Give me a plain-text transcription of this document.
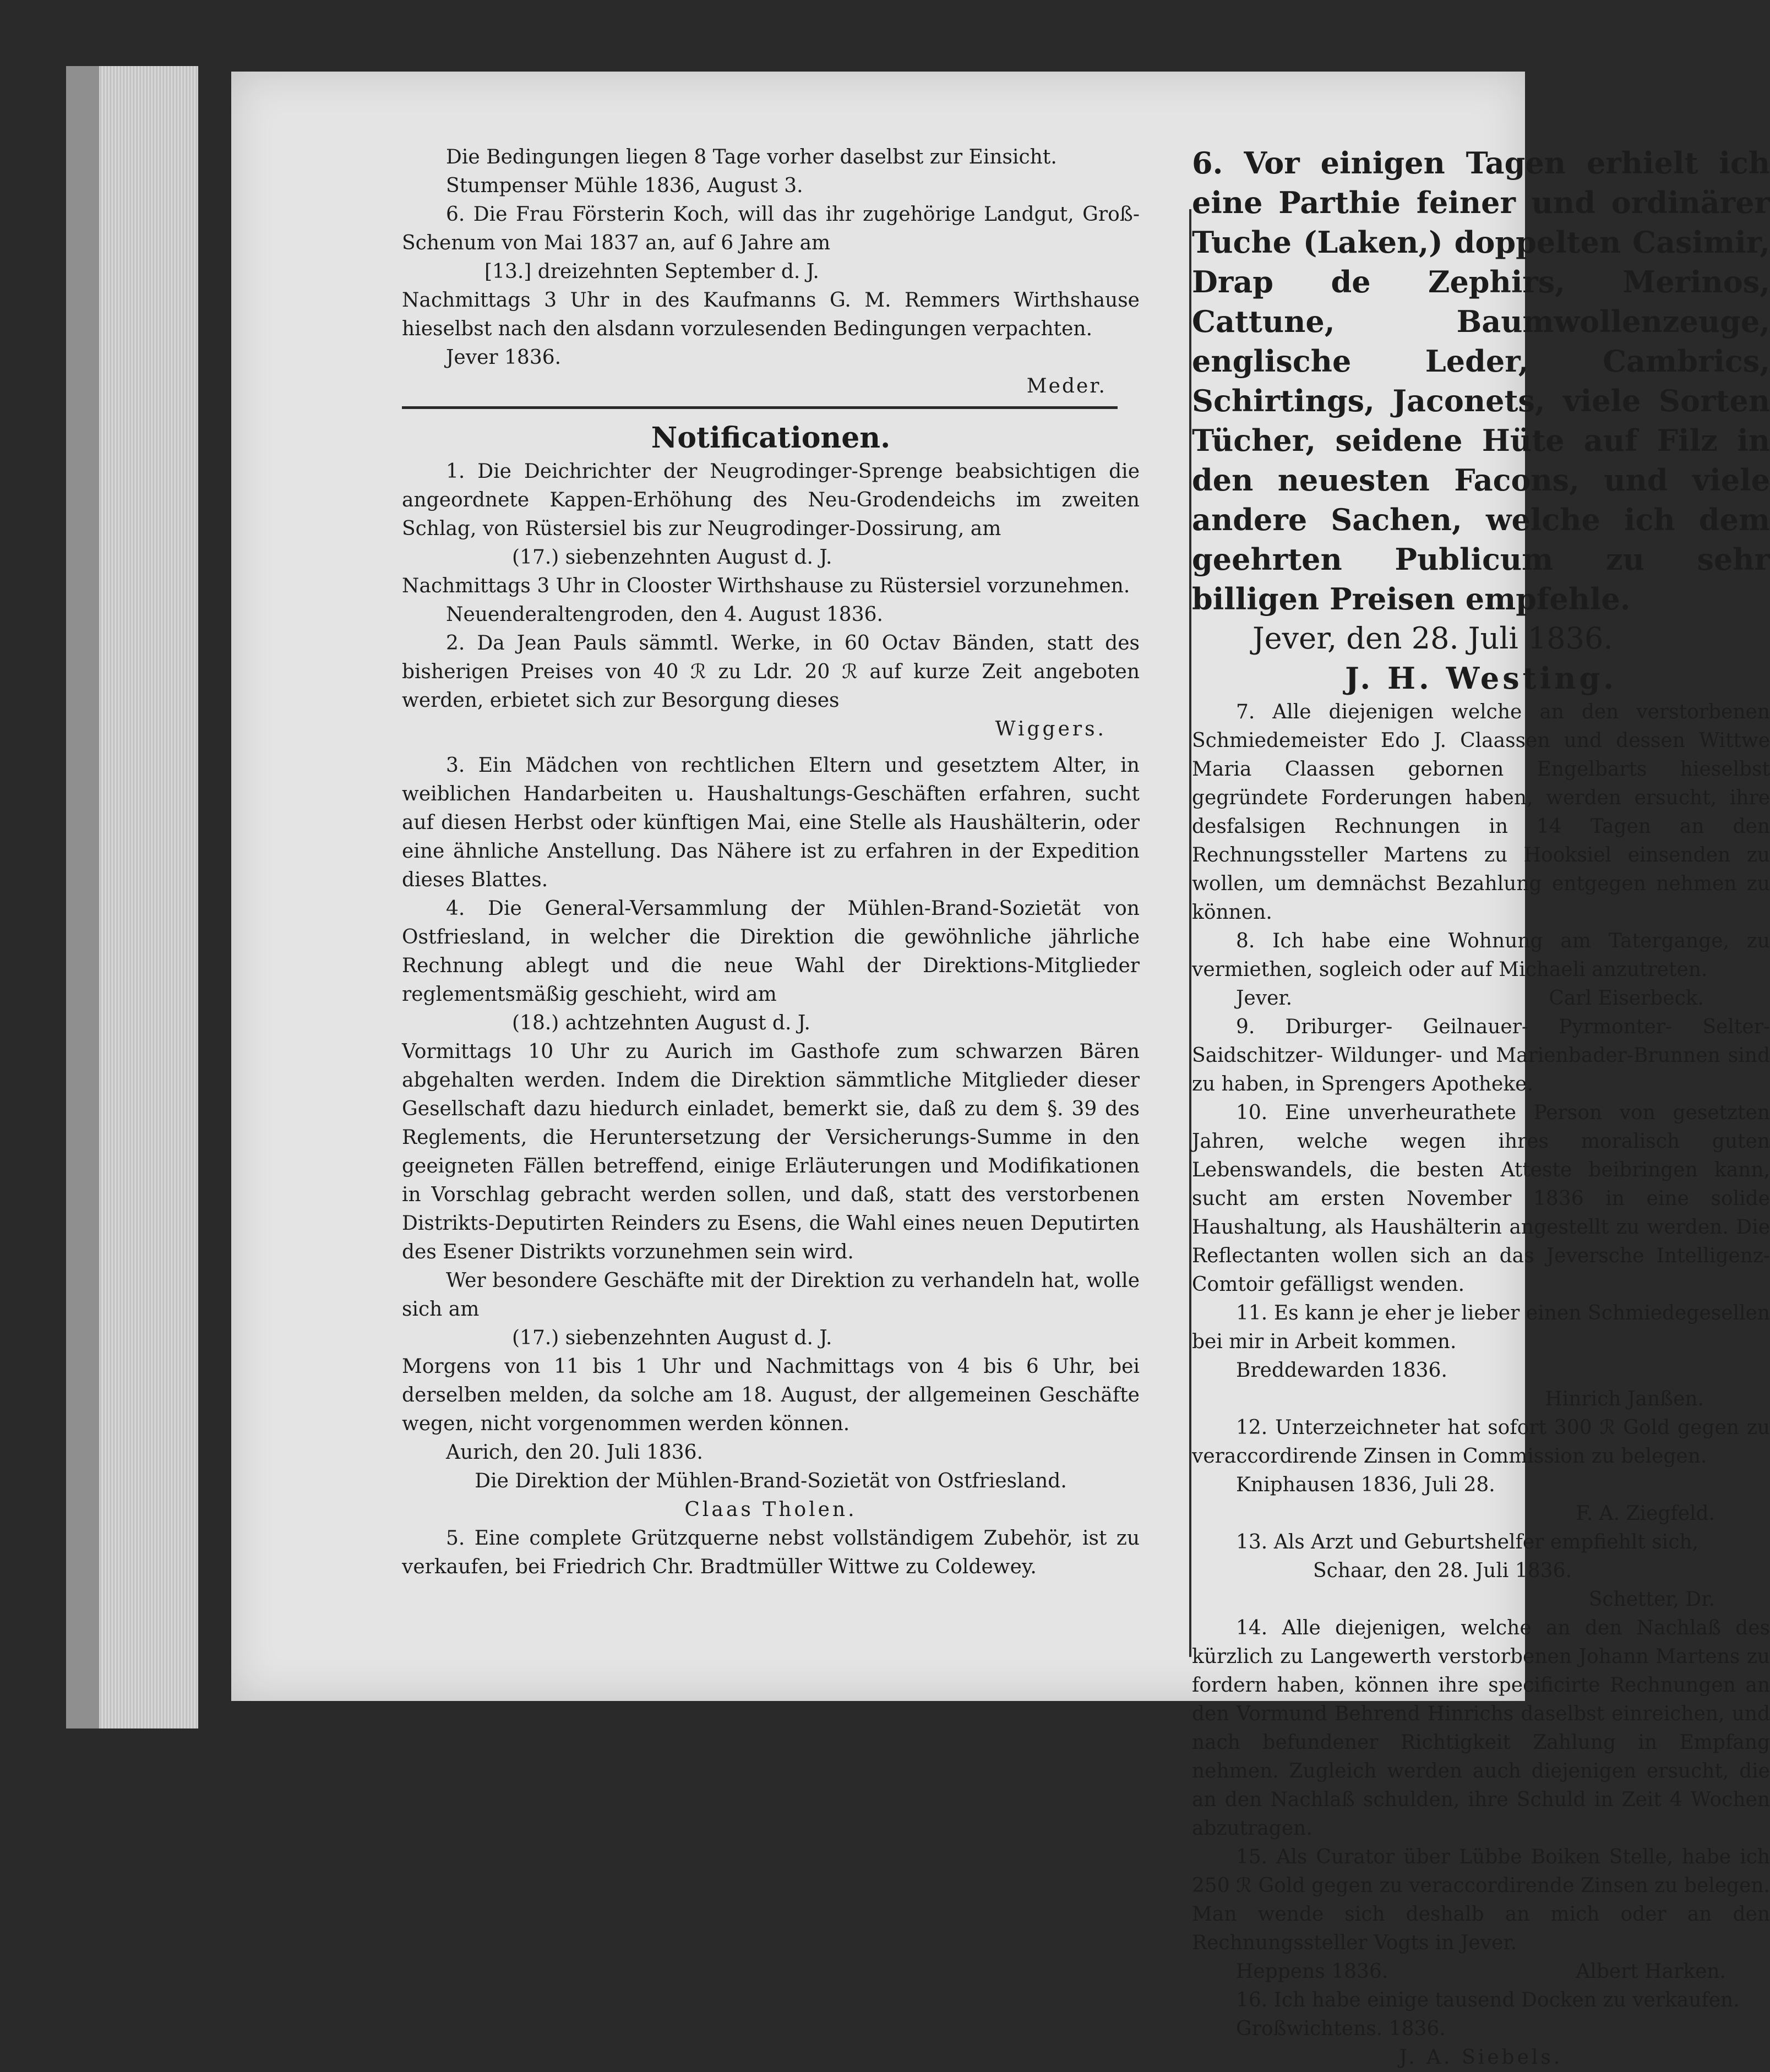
Die Bedingungen liegen 8 Tage vorher daselbst zur Einsicht.

Stumpenser Mühle 1836, August 3.

6. Die Frau Försterin Koch, will das ihr zugehörige Landgut, Groß-Schenum von Mai 1837 an, auf 6 Jahre am

[13.] dreizehnten September d. J.

Nachmittags 3 Uhr in des Kaufmanns G. M. Remmers Wirthshause hieselbst nach den alsdann vorzulesenden Bedingungen verpachten.

Jever 1836.

Meder.

Notificationen.

1. Die Deichrichter der Neugrodinger-Sprenge beabsichtigen die angeordnete Kappen-Erhöhung des Neu-Grodendeichs im zweiten Schlag, von Rüstersiel bis zur Neugrodinger-Dossirung, am

(17.) siebenzehnten August d. J.

Nachmittags 3 Uhr in Clooster Wirthshause zu Rüstersiel vorzunehmen.

Neuenderaltengroden, den 4. August 1836.

2. Da Jean Pauls sämmtl. Werke, in 60 Octav Bänden, statt des bisherigen Preises von 40 ℛ zu Ldr. 20 ℛ auf kurze Zeit angeboten werden, erbietet sich zur Besorgung dieses

Wiggers.

3. Ein Mädchen von rechtlichen Eltern und gesetztem Alter, in weiblichen Handarbeiten u. Haushaltungs-Geschäften erfahren, sucht auf diesen Herbst oder künftigen Mai, eine Stelle als Haushälterin, oder eine ähnliche Anstellung. Das Nähere ist zu erfahren in der Expedition dieses Blattes.

4. Die General-Versammlung der Mühlen-Brand-Sozietät von Ostfriesland, in welcher die Direktion die gewöhnliche jährliche Rechnung ablegt und die neue Wahl der Direktions-Mitglieder reglementsmäßig geschieht, wird am

(18.) achtzehnten August d. J.

Vormittags 10 Uhr zu Aurich im Gasthofe zum schwarzen Bären abgehalten werden. Indem die Direktion sämmtliche Mitglieder dieser Gesellschaft dazu hiedurch einladet, bemerkt sie, daß zu dem §. 39 des Reglements, die Heruntersetzung der Versicherungs-Summe in den geeigneten Fällen betreffend, einige Erläuterungen und Modifikationen in Vorschlag gebracht werden sollen, und daß, statt des verstorbenen Distrikts-Deputirten Reinders zu Esens, die Wahl eines neuen Deputirten des Esener Distrikts vorzunehmen sein wird.

Wer besondere Geschäfte mit der Direktion zu verhandeln hat, wolle sich am

(17.) siebenzehnten August d. J.

Morgens von 11 bis 1 Uhr und Nachmittags von 4 bis 6 Uhr, bei derselben melden, da solche am 18. August, der allgemeinen Geschäfte wegen, nicht vorgenommen werden können.

Aurich, den 20. Juli 1836.

Die Direktion der Mühlen-Brand-Sozietät von Ostfriesland.

Claas Tholen.

5. Eine complete Grützquerne nebst vollständigem Zubehör, ist zu verkaufen, bei Friedrich Chr. Bradtmüller Wittwe zu Coldewey.

6. Vor einigen Tagen erhielt ich eine Parthie feiner und ordinärer Tuche (Laken,) doppelten Casimir, Drap de Zephirs, Merinos, Cattune, Baumwollenzeuge, englische Leder, Cambrics, Schirtings, Jaconets, viele Sorten Tücher, seidene Hüte auf Filz in den neuesten Facons, und viele andere Sachen, welche ich dem geehrten Publicum zu sehr billigen Preisen empfehle.

Jever, den 28. Juli 1836.

J. H. Westing.

7. Alle diejenigen welche an den verstorbenen Schmiedemeister Edo J. Claassen und dessen Wittwe Maria Claassen gebornen Engelbarts hieselbst gegründete Forderungen haben, werden ersucht, ihre desfalsigen Rechnungen in 14 Tagen an den Rechnungssteller Martens zu Hooksiel einsenden zu wollen, um demnächst Bezahlung entgegen nehmen zu können.

8. Ich habe eine Wohnung am Tatergange, zu vermiethen, sogleich oder auf Michaeli anzutreten.

Jever.	Carl Eiserbeck.

9. Driburger- Geilnauer- Pyrmonter- Selter- Saidschitzer- Wildunger- und Marienbader-Brunnen sind zu haben, in Sprengers Apotheke.

10. Eine unverheurathete Person von gesetzten Jahren, welche wegen ihres moralisch guten Lebenswandels, die besten Atteste beibringen kann, sucht am ersten November 1836 in eine solide Haushaltung, als Haushälterin angestellt zu werden. Die Reflectanten wollen sich an das Jeversche Intelligenz-Comtoir gefälligst wenden.

11. Es kann je eher je lieber einen Schmiedegesellen bei mir in Arbeit kommen.

Breddewarden 1836.

Hinrich Janßen.

12. Unterzeichneter hat sofort 300 ℛ Gold gegen zu veraccordirende Zinsen in Commission zu belegen.

Kniphausen 1836, Juli 28.

F. A. Ziegfeld.

13. Als Arzt und Geburtshelfer empfiehlt sich,

Schaar, den 28. Juli 1836.

Schetter, Dr.

14. Alle diejenigen, welche an den Nachlaß des kürzlich zu Langewerth verstorbenen Johann Martens zu fordern haben, können ihre specificirte Rechnungen an den Vormund Behrend Hinrichs daselbst einreichen, und nach befundener Richtigkeit Zahlung in Empfang nehmen. Zugleich werden auch diejenigen ersucht, die an den Nachlaß schulden, ihre Schuld in Zeit 4 Wochen abzutragen.

15. Als Curator über Lübbe Boiken Stelle, habe ich 250 ℛ Gold gegen zu veraccordirende Zinsen zu belegen. Man wende sich deshalb an mich oder an den Rechnungssteller Vogts in Jever.

Heppens 1836.	Albert Harken.

16. Ich habe einige tausend Docken zu verkaufen.

Großwichtens. 1836.

J. A. Siebels.
